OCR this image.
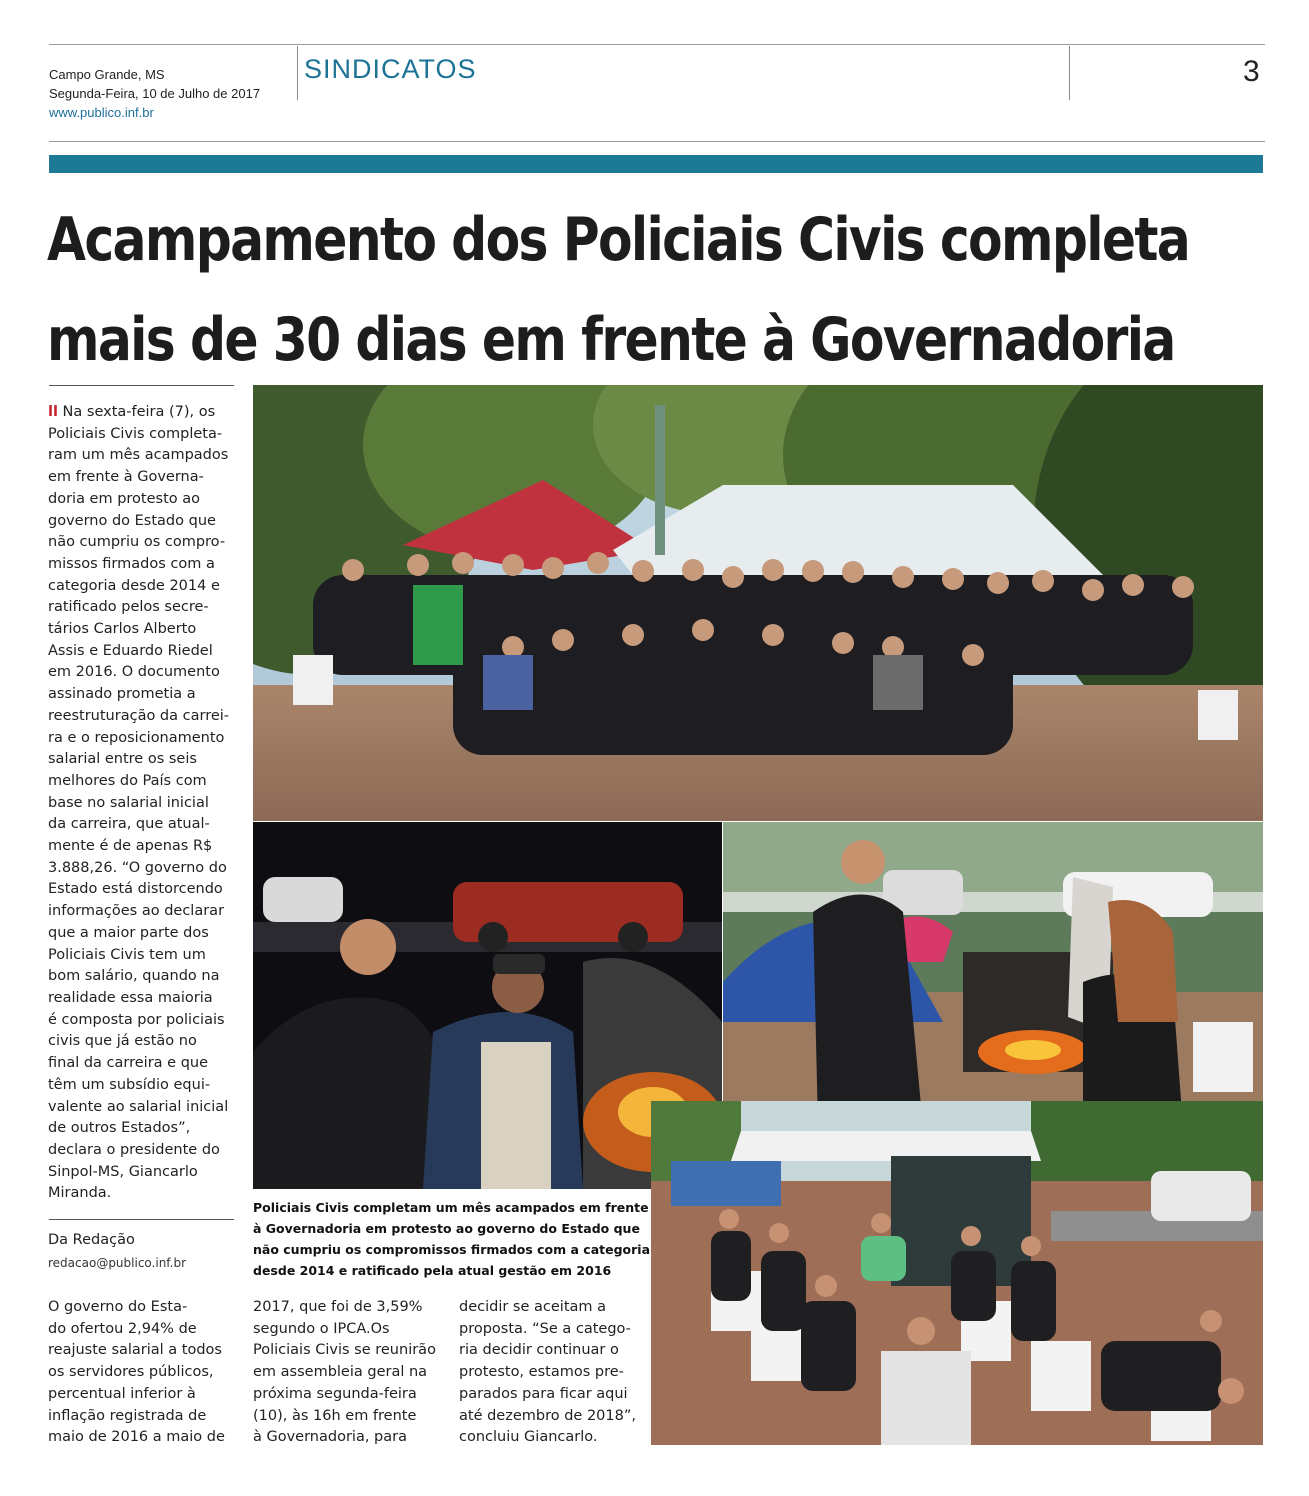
Campo Grande, MS
Segunda-Feira, 10 de Julho de 2017
www.publico.inf.br
SINDICATOS	3
Acampamento dos Policiais Civis completa
mais de 30 dias em frente à Governadoria
ll Na sexta-feira (7), os
Policiais Civis completa-
ram um mês acampados
em frente à Governa-
doria em protesto ao
governo do Estado que
não cumpriu os compro-
missos firmados com a
categoria desde 2014 e
ratificado pelos secre-
tários Carlos Alberto
Assis e Eduardo Riedel
em 2016. O documento
assinado prometia a
reestruturação da carrei-
ra e o reposicionamento
salarial entre os seis
melhores do País com
base no salarial inicial
da carreira, que atual-
mente é de apenas R$
3.888,26. “O governo do
Estado está distorcendo
informações ao declarar
que a maior parte dos
Policiais Civis tem um
bom salário, quando na
realidade essa maioria
é composta por policiais
civis que já estão no
final da carreira e que
têm um subsídio equi-
valente ao salarial inicial
de outros Estados”,
declara o presidente do
Sinpol-MS, Giancarlo
Miranda.
Da Redação
redacao@publico.inf.br
O governo do Esta-
do ofertou 2,94% de
reajuste salarial a todos
os servidores públicos,
percentual inferior à
inflação registrada de
maio de 2016 a maio de
Policiais Civis completam um mês acampados em frente
à Governadoria em protesto ao governo do Estado que
não cumpriu os compromissos firmados com a categoria
desde 2014 e ratificado pela atual gestão em 2016
2017, que foi de 3,59%
segundo o IPCA.Os
Policiais Civis se reunirão
em assembleia geral na
próxima segunda-feira
(10), às 16h em frente
à Governadoria, para
decidir se aceitam a
proposta. “Se a catego-
ria decidir continuar o
protesto, estamos pre-
parados para ficar aqui
até dezembro de 2018”,
concluiu Giancarlo.
